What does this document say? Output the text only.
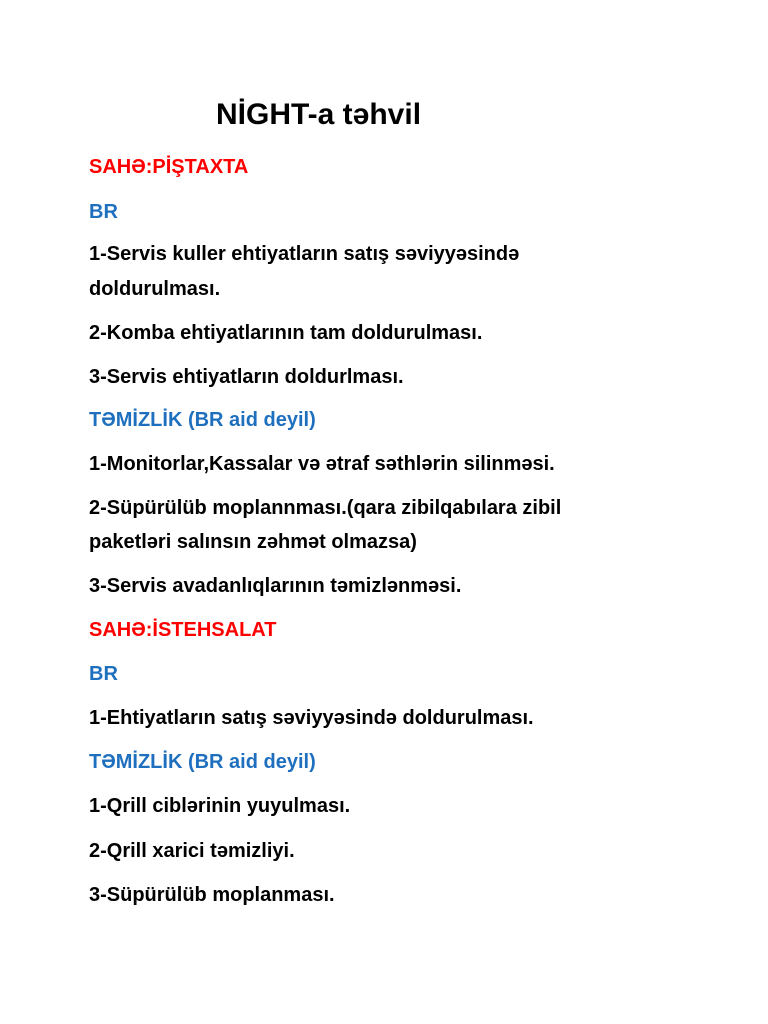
NİGHT-a təhvil
SAHƏ:PİŞTAXTA
BR
1-Servis kuller ehtiyatların satış səviyyəsində
doldurulması.
2-Komba ehtiyatlarının tam doldurulması.
3-Servis ehtiyatların doldurlması.
TƏMİZLİK (BR aid deyil)
1-Monitorlar,Kassalar və ətraf səthlərin silinməsi.
2-Süpürülüb moplannması.(qara zibilqabılara zibil
paketləri salınsın zəhmət olmazsa)
3-Servis avadanlıqlarının təmizlənməsi.
SAHƏ:İSTEHSALAT
BR
1-Ehtiyatların satış səviyyəsində doldurulması.
TƏMİZLİK (BR aid deyil)
1-Qrill ciblərinin yuyulması.
2-Qrill xarici təmizliyi.
3-Süpürülüb moplanması.
